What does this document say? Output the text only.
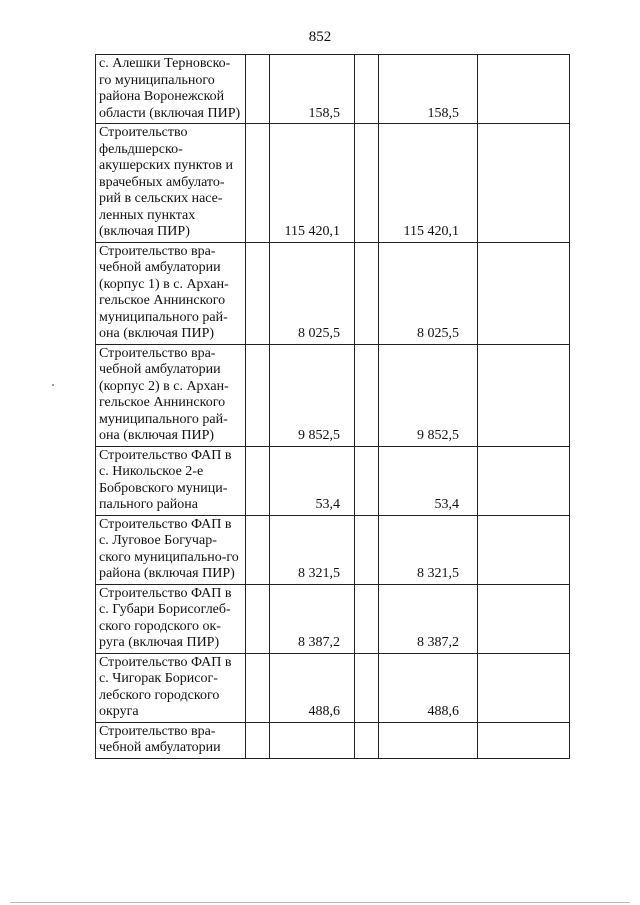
852
с. Алешки Терновско-го муниципального района Воронежской области (включая ПИР)		158,5		158,5	
Строительство фельдшерско-акушерских пунктов и врачебных амбулато-рий в сельских насе-ленных пунктах (включая ПИР)		115 420,1		115 420,1	
Строительство вра-чебной амбулатории (корпус 1) в с. Архан-гельское Аннинского муниципального рай-она (включая ПИР)		8 025,5		8 025,5	
Строительство вра-чебной амбулатории (корпус 2) в с. Архан-гельское Аннинского муниципального рай-она (включая ПИР)		9 852,5		9 852,5	
Строительство ФАП в с. Никольское 2-е Бобровского муници-пального района		53,4		53,4	
Строительство ФАП в с. Луговое Богучар-ского муниципально-го района (включая ПИР)		8 321,5		8 321,5	
Строительство ФАП в с. Губари Борисоглеб-ского городского ок-руга (включая ПИР)		8 387,2		8 387,2	
Строительство ФАП в с. Чигорак Борисог-лебского городского округа		488,6		488,6	
Строительство вра-чебной амбулатории					
